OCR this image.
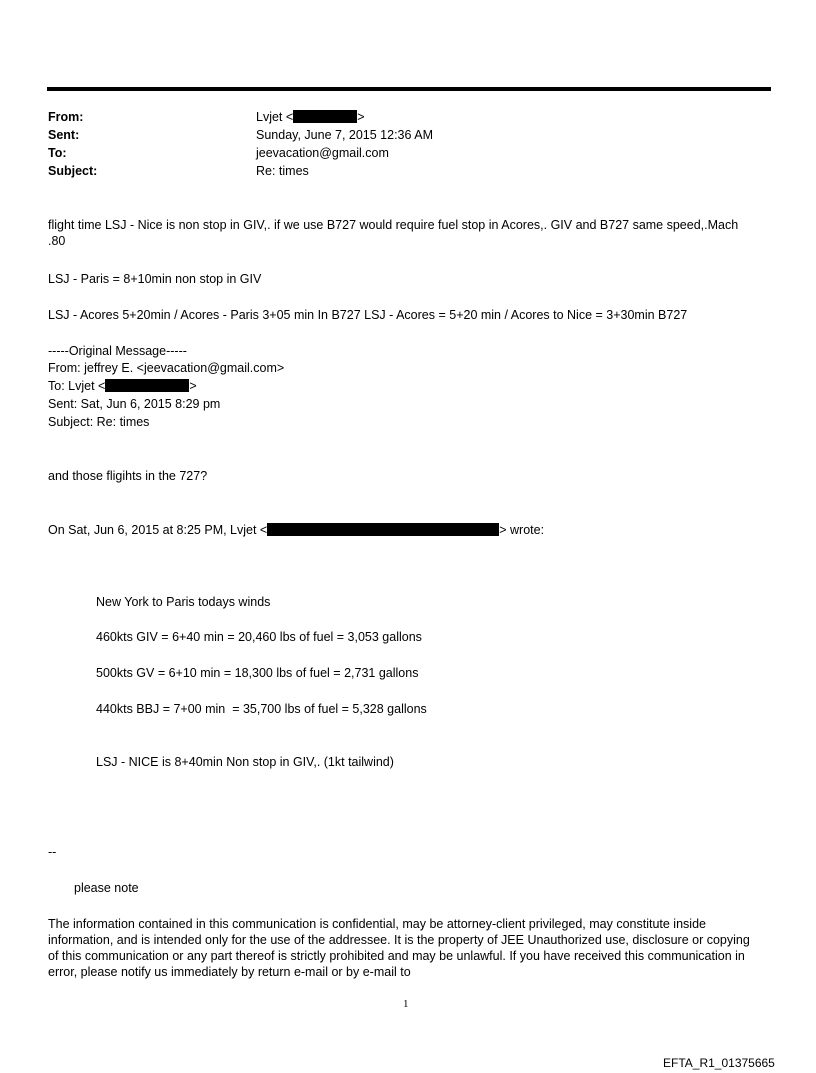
From:	Lvjet <	>
Sent:	Sunday, June 7, 2015 12:36 AM
To:	jeevacation@gmail.com
Subject:	Re: times
flight time LSJ - Nice is non stop in GIV,. if we use B727 would require fuel stop in Acores,. GIV and B727 same speed,.Mach .80
LSJ - Paris = 8+10min non stop in GIV
LSJ - Acores 5+20min / Acores - Paris 3+05 min In B727 LSJ - Acores = 5+20 min / Acores to Nice = 3+30min B727
-----Original Message-----
From: jeffrey E. <jeevacation@gmail.com>
To: Lvjet <	>
Sent: Sat, Jun 6, 2015 8:29 pm
Subject: Re: times
and those fligihts in the 727?
On Sat, Jun 6, 2015 at 8:25 PM, Lvjet <	> wrote:
New York to Paris todays winds
460kts GIV = 6+40 min = 20,460 lbs of fuel = 3,053 gallons
500kts GV = 6+10 min = 18,300 lbs of fuel = 2,731 gallons
440kts BBJ = 7+00 min  = 35,700 lbs of fuel = 5,328 gallons
LSJ - NICE is 8+40min Non stop in GIV,. (1kt tailwind)
--
please note
The information contained in this communication is confidential, may be attorney-client privileged, may constitute inside information, and is intended only for the use of the addressee. It is the property of JEE Unauthorized use, disclosure or copying of this communication or any part thereof is strictly prohibited and may be unlawful. If you have received this communication in error, please notify us immediately by return e-mail or by e-mail to
1
EFTA_R1_01375665
